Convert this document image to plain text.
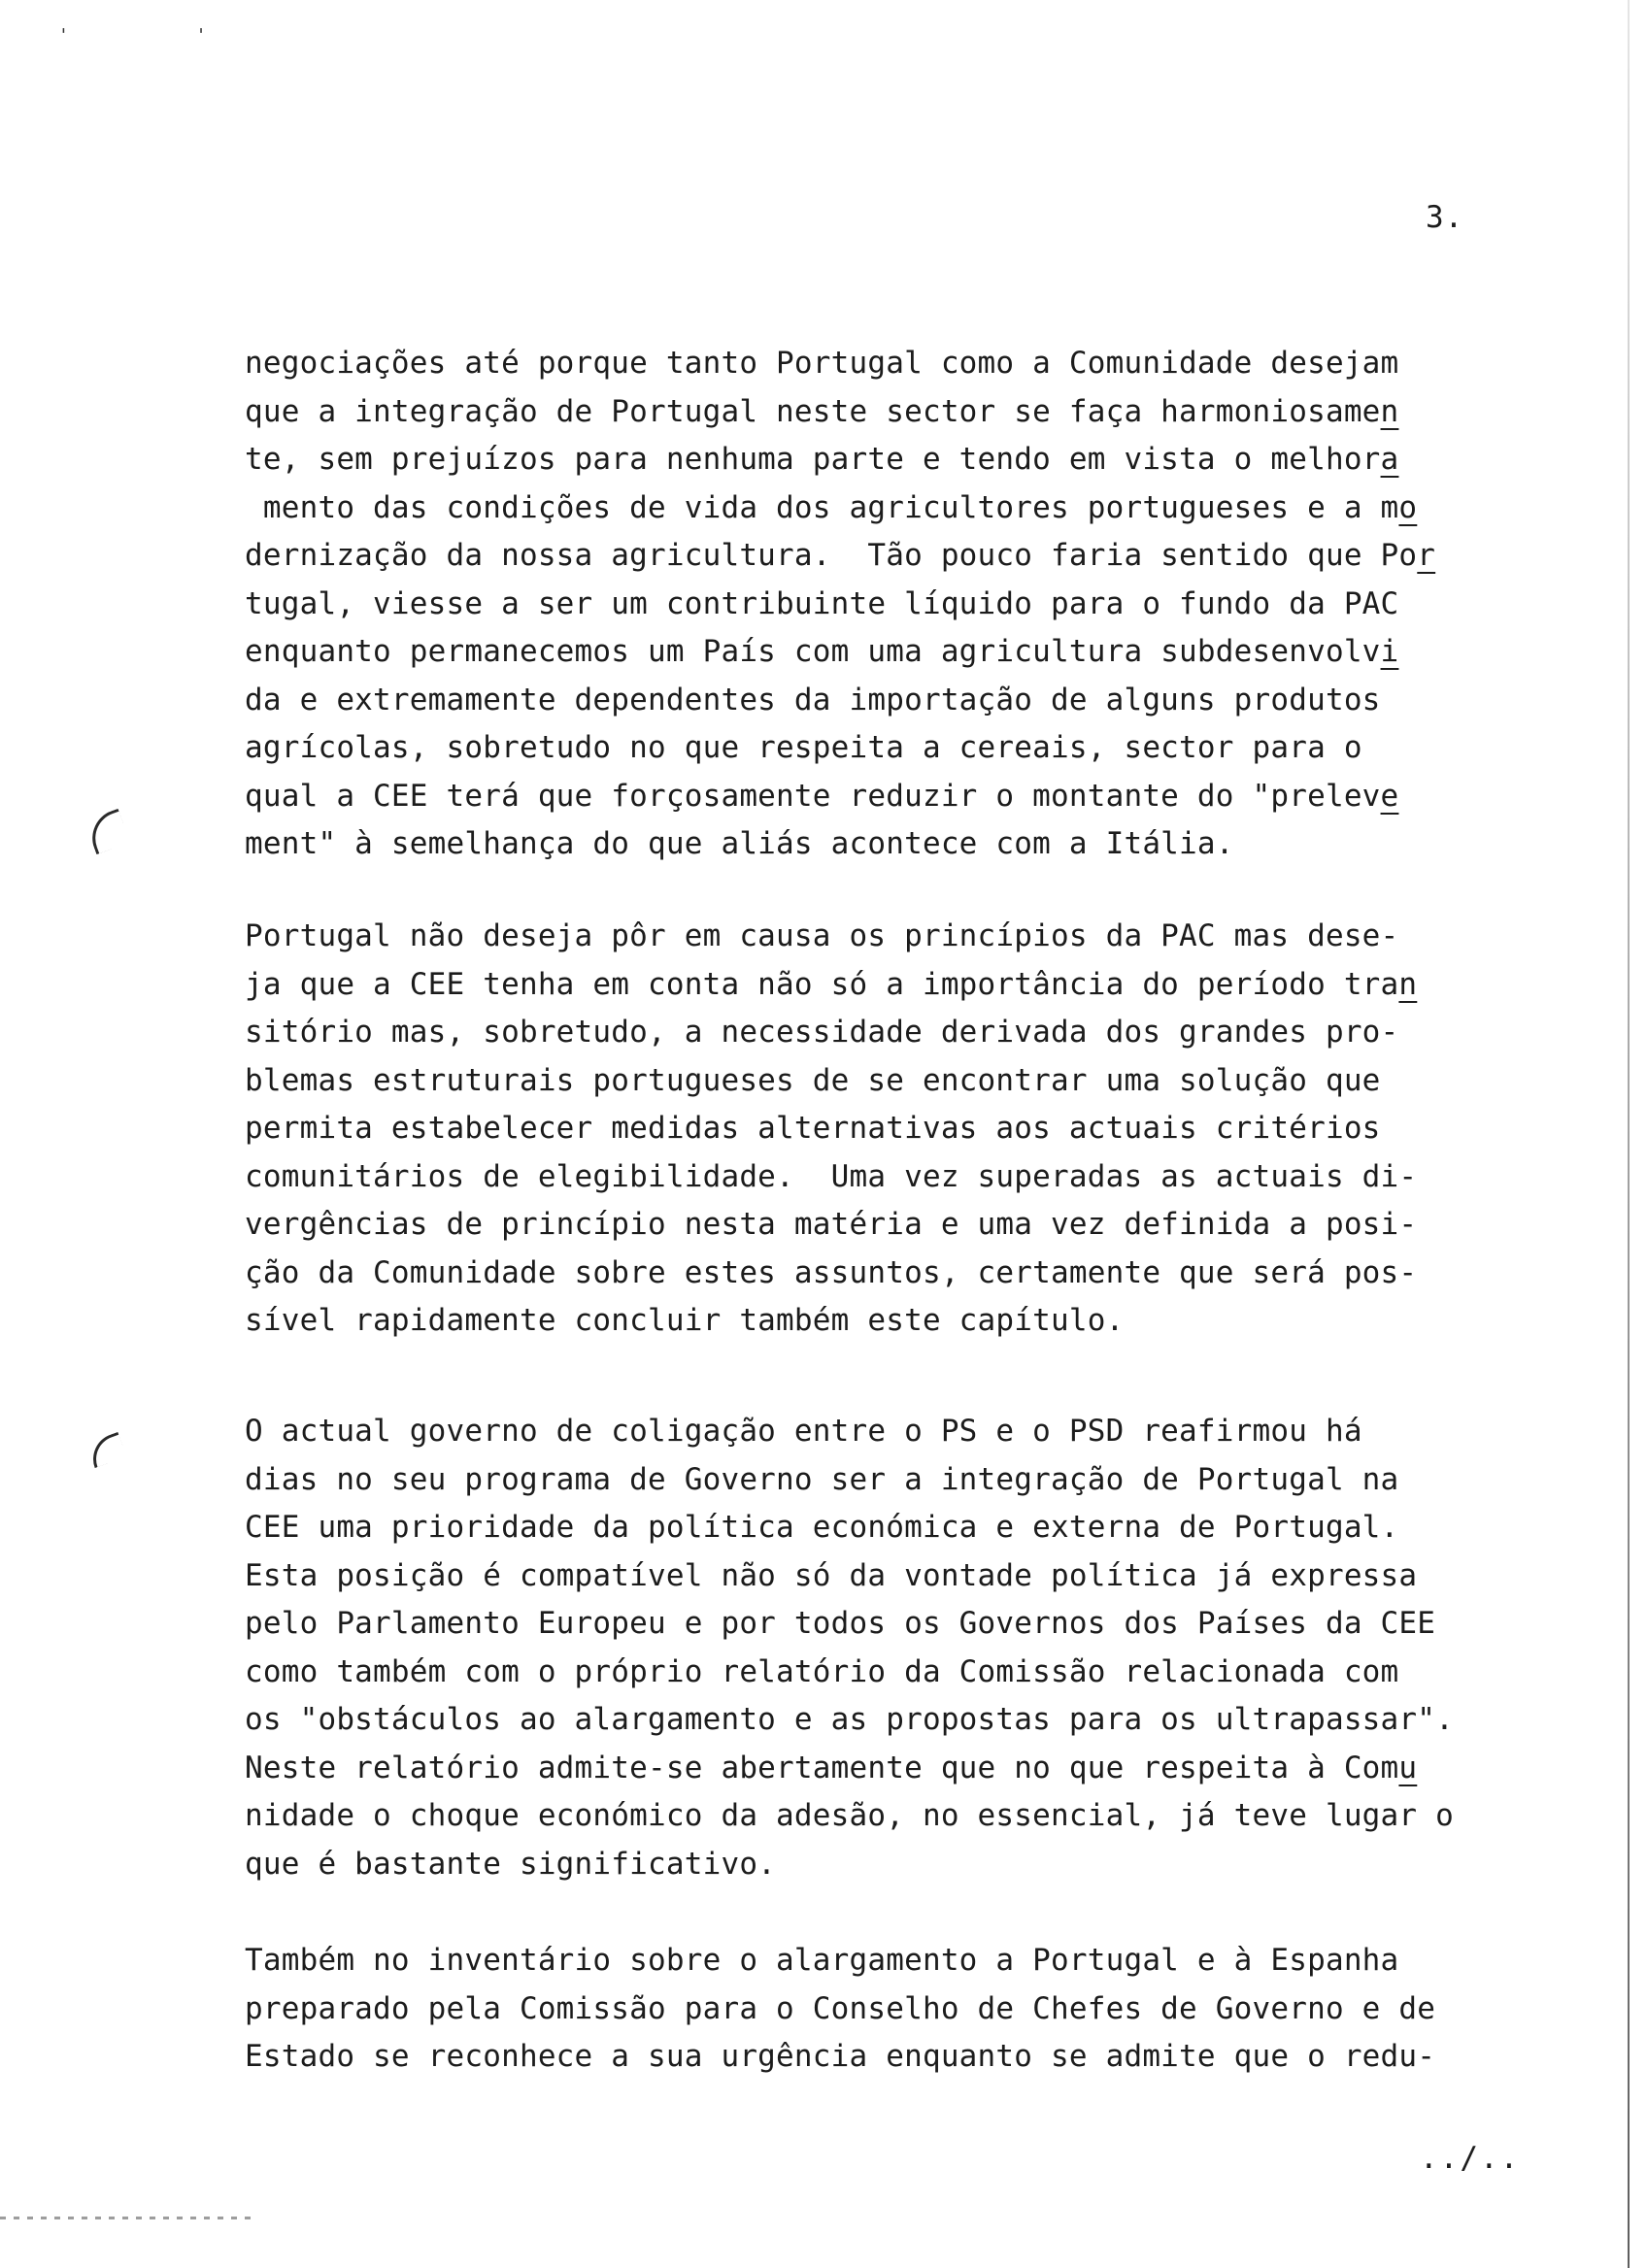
' '
3.
negociações até porque tanto Portugal como a Comunidade desejam
que a integração de Portugal neste sector se faça harmoniosamen
te, sem prejuízos para nenhuma parte e tendo em vista o melhora
mento das condições de vida dos agricultores portugueses e a mo
dernização da nossa agricultura.  Tão pouco faria sentido que Por
tugal, viesse a ser um contribuinte líquido para o fundo da PAC
enquanto permanecemos um País com uma agricultura subdesenvolvi
da e extremamente dependentes da importação de alguns produtos
agrícolas, sobretudo no que respeita a cereais, sector para o
qual a CEE terá que forçosamente reduzir o montante do "preleve
ment" à semelhança do que aliás acontece com a Itália.
Portugal não deseja pôr em causa os princípios da PAC mas dese-
ja que a CEE tenha em conta não só a importância do período tran
sitório mas, sobretudo, a necessidade derivada dos grandes pro-
blemas estruturais portugueses de se encontrar uma solução que
permita estabelecer medidas alternativas aos actuais critérios
comunitários de elegibilidade.  Uma vez superadas as actuais di-
vergências de princípio nesta matéria e uma vez definida a posi-
ção da Comunidade sobre estes assuntos, certamente que será pos-
sível rapidamente concluir também este capítulo.
O actual governo de coligação entre o PS e o PSD reafirmou há
dias no seu programa de Governo ser a integração de Portugal na
CEE uma prioridade da política económica e externa de Portugal.
Esta posição é compatível não só da vontade política já expressa
pelo Parlamento Europeu e por todos os Governos dos Países da CEE
como também com o próprio relatório da Comissão relacionada com
os "obstáculos ao alargamento e as propostas para os ultrapassar".
Neste relatório admite-se abertamente que no que respeita à Comu
nidade o choque económico da adesão, no essencial, já teve lugar o
que é bastante significativo.
Também no inventário sobre o alargamento a Portugal e à Espanha
preparado pela Comissão para o Conselho de Chefes de Governo e de
Estado se reconhece a sua urgência enquanto se admite que o redu-
../..
